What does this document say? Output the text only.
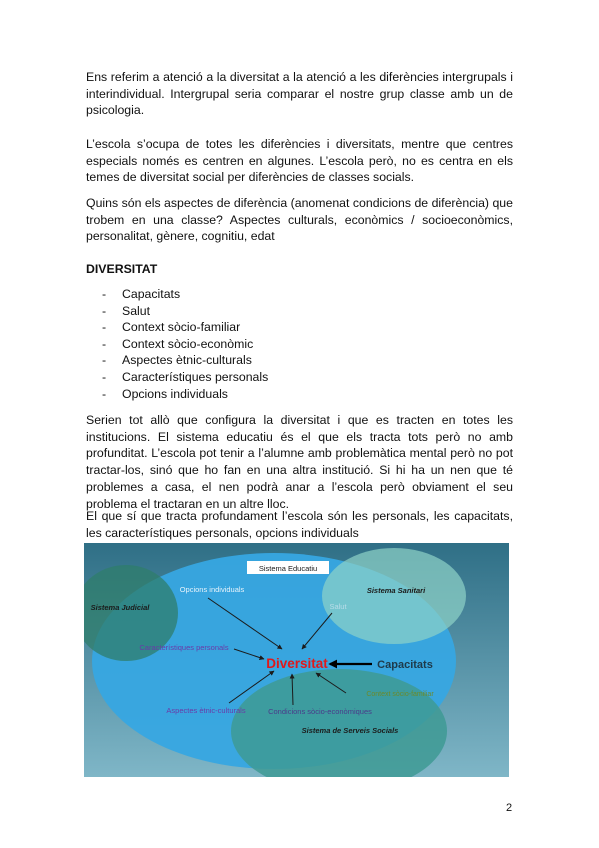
Ens referim a atenció a la diversitat a la atenció a les diferències intergrupals i interindividual. Intergrupal seria comparar el nostre grup classe amb un de psicologia.

L’escola s’ocupa de totes les diferències i diversitats, mentre que centres especials només es centren en algunes. L’escola però, no es centra en els temes de diversitat social per diferències de classes socials.

Quins són els aspectes de diferència (anomenat condicions de diferència) que trobem en una classe? Aspectes culturals, econòmics / socioeconòmics, personalitat, gènere, cognitiu, edat

DIVERSITAT

- Capacitats
- Salut
- Context sòcio-familiar
- Context sòcio-econòmic
- Aspectes ètnic-culturals
- Característiques personals
- Opcions individuals

Serien tot allò que configura la diversitat i que es tracten en totes les institucions. El sistema educatiu és el que els tracta tots però no amb profunditat. L’escola pot tenir a l’alumne amb problemàtica mental però no pot tractar-los, sinó que ho fan en una altra institució. Si hi ha un nen que té problemes a casa, el nen podrà anar a l’escola però obviament el seu problema el tractaran en un altre lloc.

El que sí que tracta profundament l’escola són les personals, les capacitats, les característiques personals, opcions individuals

Sistema Educatiu
Sistema Sanitari
Sistema Judicial
Sistema de Serveis Socials
Opcions individuals
Salut
Característiques personals
Aspectes ètnic-culturals	Condicions sòcio-econòmiques
Context sòcio-familiar
Diversitat	Capacitats
2
